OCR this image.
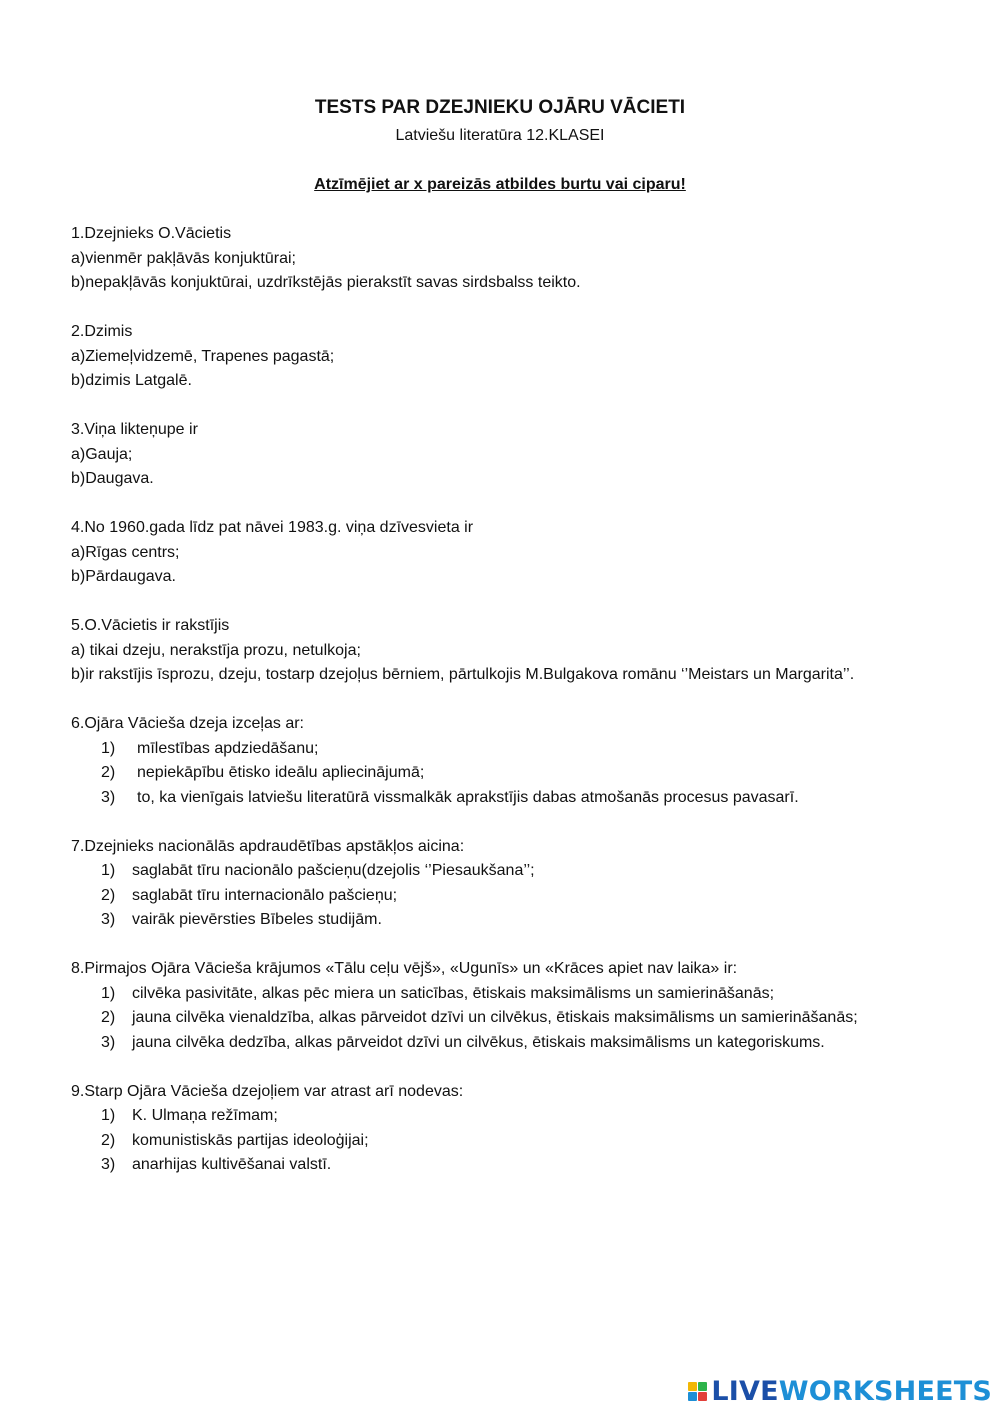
TESTS PAR DZEJNIEKU OJĀRU VĀCIETI
Latviešu literatūra 12.KLASEI
Atzīmējiet ar x pareizās atbildes burtu vai ciparu!
1.Dzejnieks O.Vācietis
a)vienmēr pakļāvās konjuktūrai;
b)nepakļāvās konjuktūrai, uzdrīkstējās pierakstīt savas sirdsbalss teikto.
2.Dzimis
a)Ziemeļvidzemē, Trapenes pagastā;
b)dzimis Latgalē.
3.Viņa likteņupe ir
a)Gauja;
b)Daugava.
4.No 1960.gada līdz pat nāvei 1983.g. viņa dzīvesvieta ir
a)Rīgas centrs;
b)Pārdaugava.
5.O.Vācietis ir rakstījis
a) tikai dzeju, nerakstīja prozu, netulkoja;
b)ir rakstījis īsprozu, dzeju, tostarp dzejoļus bērniem, pārtulkojis M.Bulgakova romānu ‘’Meistars un Margarita’’.
6.Ojāra Vācieša dzeja izceļas ar:
1)	mīlestības apdziedāšanu;
2)	nepiekāpību ētisko ideālu apliecinājumā;
3)	to, ka vienīgais latviešu literatūrā vissmalkāk aprakstījis dabas atmošanās procesus pavasarī.
7.Dzejnieks nacionālās apdraudētības apstākļos aicina:
1)	saglabāt tīru nacionālo pašcieņu(dzejolis ‘’Piesaukšana’’;
2)	saglabāt tīru internacionālo pašcieņu;
3)	vairāk pievērsties Bībeles studijām.
8.Pirmajos Ojāra Vācieša krājumos «Tālu ceļu vējš», «Ugunīs» un «Krāces apiet nav laika» ir:
1)	cilvēka pasivitāte, alkas pēc miera un saticības, ētiskais maksimālisms un samierināšanās;
2)	jauna cilvēka vienaldzība, alkas pārveidot dzīvi un cilvēkus, ētiskais maksimālisms un samierināšanās;
3)	jauna cilvēka dedzība, alkas pārveidot dzīvi un cilvēkus, ētiskais maksimālisms un kategoriskums.
9.Starp Ojāra Vācieša dzejoļiem var atrast arī nodevas:
1)	K. Ulmaņa režīmam;
2)	komunistiskās partijas ideoloģijai;
3)	anarhijas kultivēšanai valstī.
LIVEWORKSHEETS
